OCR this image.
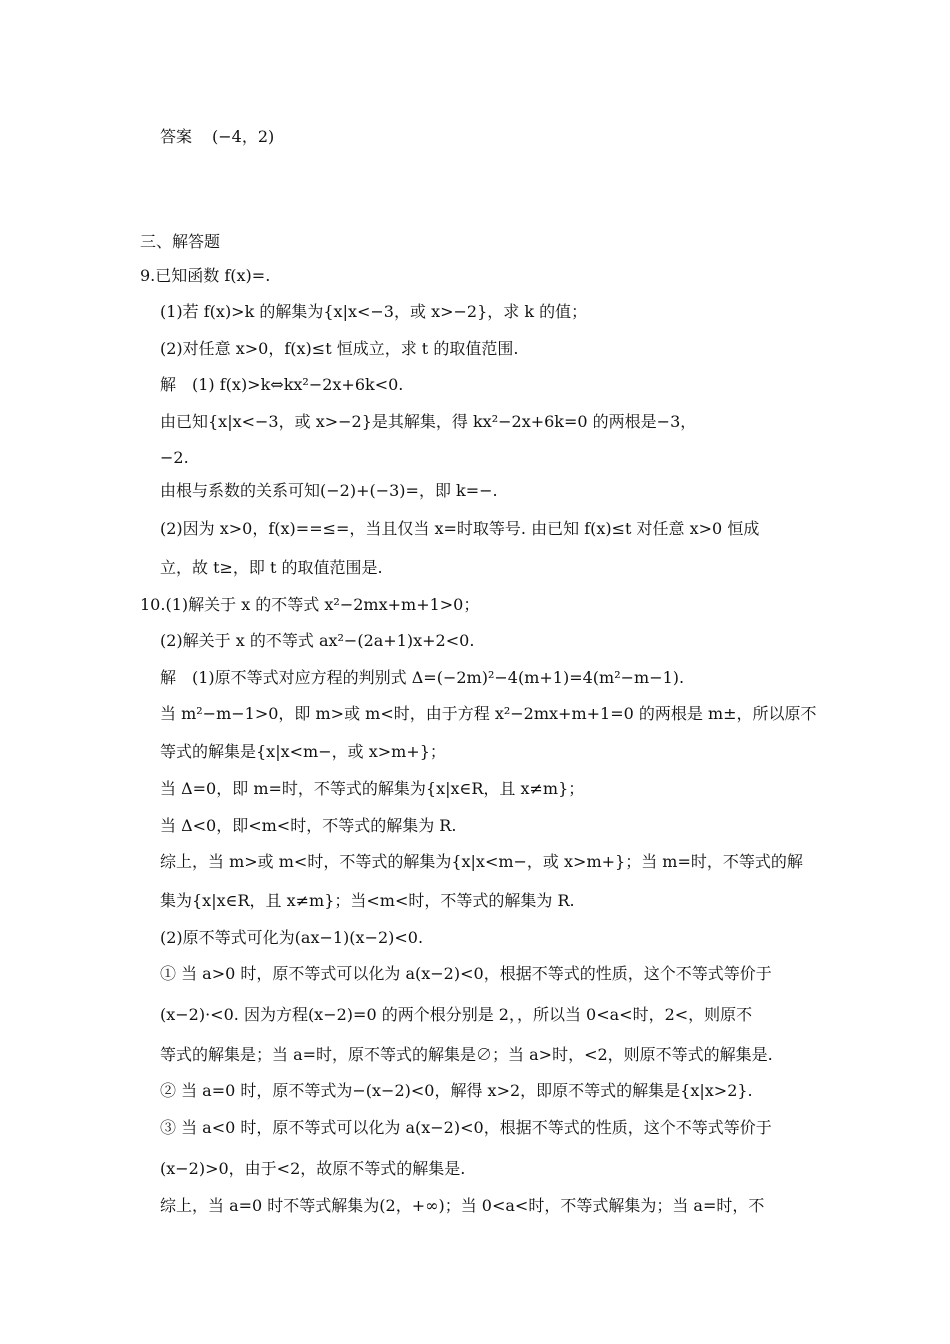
答案 (−4，2)
三、解答题
9.已知函数 f(x)=.
(1)若 f(x)>k 的解集为{x|x<−3，或 x>−2}，求 k 的值；
(2)对任意 x>0，f(x)≤t 恒成立，求 t 的取值范围.
解　(1) f(x)>k⇔kx²−2x+6k<0.
由已知{x|x<−3，或 x>−2}是其解集，得 kx²−2x+6k=0 的两根是−3，
−2.
由根与系数的关系可知(−2)+(−3)=，即 k=−.
(2)因为 x>0，f(x)==≤=，当且仅当 x=时取等号. 由已知 f(x)≤t 对任意 x>0 恒成
立，故 t≥，即 t 的取值范围是.
10.(1)解关于 x 的不等式 x²−2mx+m+1>0；
(2)解关于 x 的不等式 ax²−(2a+1)x+2<0.
解　(1)原不等式对应方程的判别式 Δ=(−2m)²−4(m+1)=4(m²−m−1).
当 m²−m−1>0，即 m>或 m<时，由于方程 x²−2mx+m+1=0 的两根是 m±，所以原不
等式的解集是{x|x<m−，或 x>m+}；
当 Δ=0，即 m=时，不等式的解集为{x|x∈R，且 x≠m}；
当 Δ<0，即<m<时，不等式的解集为 R.
综上，当 m>或 m<时，不等式的解集为{x|x<m−，或 x>m+}；当 m=时，不等式的解
集为{x|x∈R，且 x≠m}；当<m<时，不等式的解集为 R.
(2)原不等式可化为(ax−1)(x−2)<0.
① 当 a>0 时，原不等式可以化为 a(x−2)<0，根据不等式的性质，这个不等式等价于
(x−2)·<0. 因为方程(x−2)=0 的两个根分别是 2，，所以当 0<a<时，2<，则原不
等式的解集是；当 a=时，原不等式的解集是∅；当 a>时，<2，则原不等式的解集是.
② 当 a=0 时，原不等式为−(x−2)<0，解得 x>2，即原不等式的解集是{x|x>2}.
③ 当 a<0 时，原不等式可以化为 a(x−2)<0，根据不等式的性质，这个不等式等价于
(x−2)>0，由于<2，故原不等式的解集是.
综上，当 a=0 时不等式解集为(2，+∞)；当 0<a<时，不等式解集为；当 a=时，不
